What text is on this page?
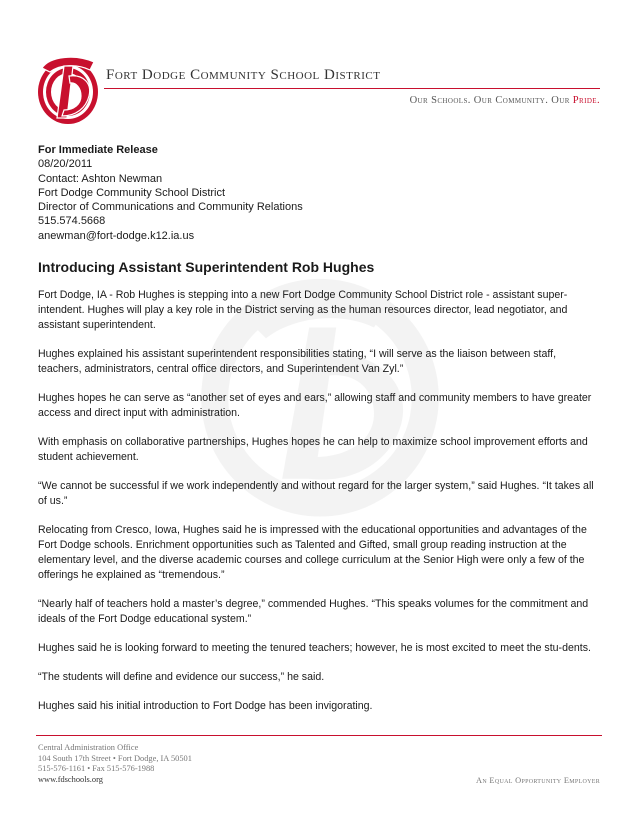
Fort Dodge Community School District
Our Schools. Our Community. Our Pride.
For Immediate Release
08/20/2011
Contact: Ashton Newman
Fort Dodge Community School District
Director of Communications and Community Relations
515.574.5668
anewman@fort-dodge.k12.ia.us
Introducing Assistant Superintendent Rob Hughes

Fort Dodge, IA - Rob Hughes is stepping into a new Fort Dodge Community School District role - assistant super-intendent. Hughes will play a key role in the District serving as the human resources director, lead negotiator, and assistant superintendent.

Hughes explained his assistant superintendent responsibilities stating, “I will serve as the liaison between staff, teachers, administrators, central office directors, and Superintendent Van Zyl.”

Hughes hopes he can serve as “another set of eyes and ears,” allowing staff and community members to have greater access and direct input with administration.

With emphasis on collaborative partnerships, Hughes hopes he can help to maximize school improvement efforts and student achievement.

“We cannot be successful if we work independently and without regard for the larger system,” said Hughes. “It takes all of us.”

Relocating from Cresco, Iowa, Hughes said he is impressed with the educational opportunities and advantages of the Fort Dodge schools. Enrichment opportunities such as Talented and Gifted, small group reading instruction at the elementary level, and the diverse academic courses and college curriculum at the Senior High were only a few of the offerings he explained as “tremendous.”

“Nearly half of teachers hold a master’s degree,” commended Hughes. “This speaks volumes for the commitment and ideals of the Fort Dodge educational system.”

Hughes said he is looking forward to meeting the tenured teachers; however, he is most excited to meet the stu-dents.

“The students will define and evidence our success,” he said.

Hughes said his initial introduction to Fort Dodge has been invigorating.

Central Administration Office
104 South 17th Street • Fort Dodge, IA 50501
515-576-1161 • Fax 515-576-1988
www.fdschools.org	An Equal Opportunity Employer
